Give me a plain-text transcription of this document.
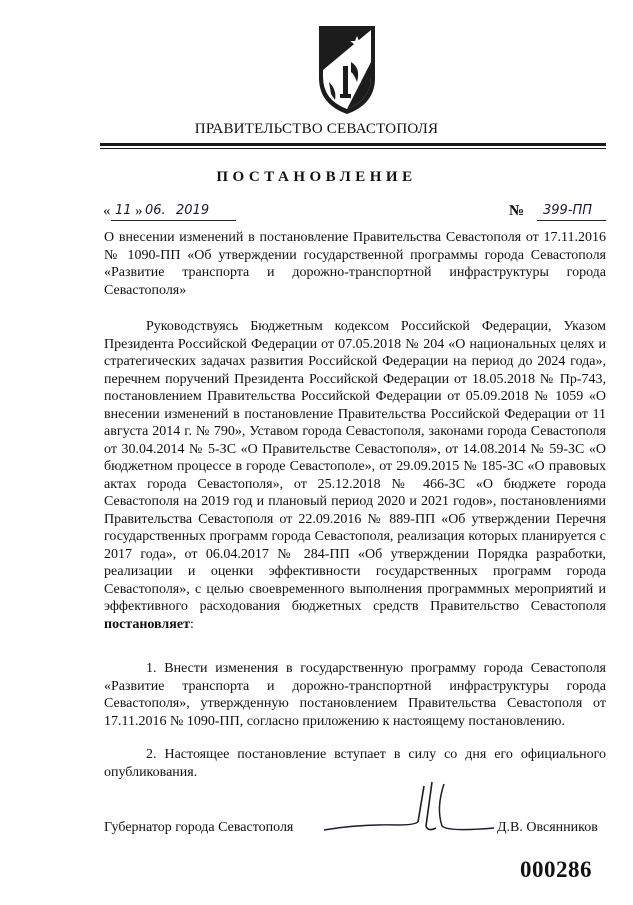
ПРАВИТЕЛЬСТВО СЕВАСТОПОЛЯ
ПОСТАНОВЛЕНИЕ
« 11 » 06. 2019	№ 399-ПП
О внесении изменений в постановление Правительства Севастополя от 17.11.2016 № 1090-ПП «Об утверждении государственной программы города Севастополя «Развитие транспорта и дорожно-транспортной инфраструктуры города Севастополя»
Руководствуясь Бюджетным кодексом Российской Федерации, Указом Президента Российской Федерации от 07.05.2018 № 204 «О национальных целях и стратегических задачах развития Российской Федерации на период до 2024 года», перечнем поручений Президента Российской Федерации от 18.05.2018 № Пр-743, постановлением Правительства Российской Федерации от 05.09.2018 № 1059 «О внесении изменений в постановление Правительства Российской Федерации от 11 августа 2014 г. № 790», Уставом города Севастополя, законами города Севастополя от 30.04.2014 № 5-ЗС «О Правительстве Севастополя», от 14.08.2014 № 59-ЗС «О бюджетном процессе в городе Севастополе», от 29.09.2015 № 185-ЗС «О правовых актах города Севастополя», от 25.12.2018 № 466-ЗС «О бюджете города Севастополя на 2019 год и плановый период 2020 и 2021 годов», постановлениями Правительства Севастополя от 22.09.2016 № 889-ПП «Об утверждении Перечня государственных программ города Севастополя, реализация которых планируется с 2017 года», от 06.04.2017 № 284-ПП «Об утверждении Порядка разработки, реализации и оценки эффективности государственных программ города Севастополя», с целью своевременного выполнения программных мероприятий и эффективного расходования бюджетных средств Правительство Севастополя постановляет:
1. Внести изменения в государственную программу города Севастополя «Развитие транспорта и дорожно-транспортной инфраструктуры города Севастополя», утвержденную постановлением Правительства Севастополя от 17.11.2016 № 1090-ПП, согласно приложению к настоящему постановлению.
2. Настоящее постановление вступает в силу со дня его официального опубликования.
Губернатор города Севастополя	Д.В. Овсянников
000286
